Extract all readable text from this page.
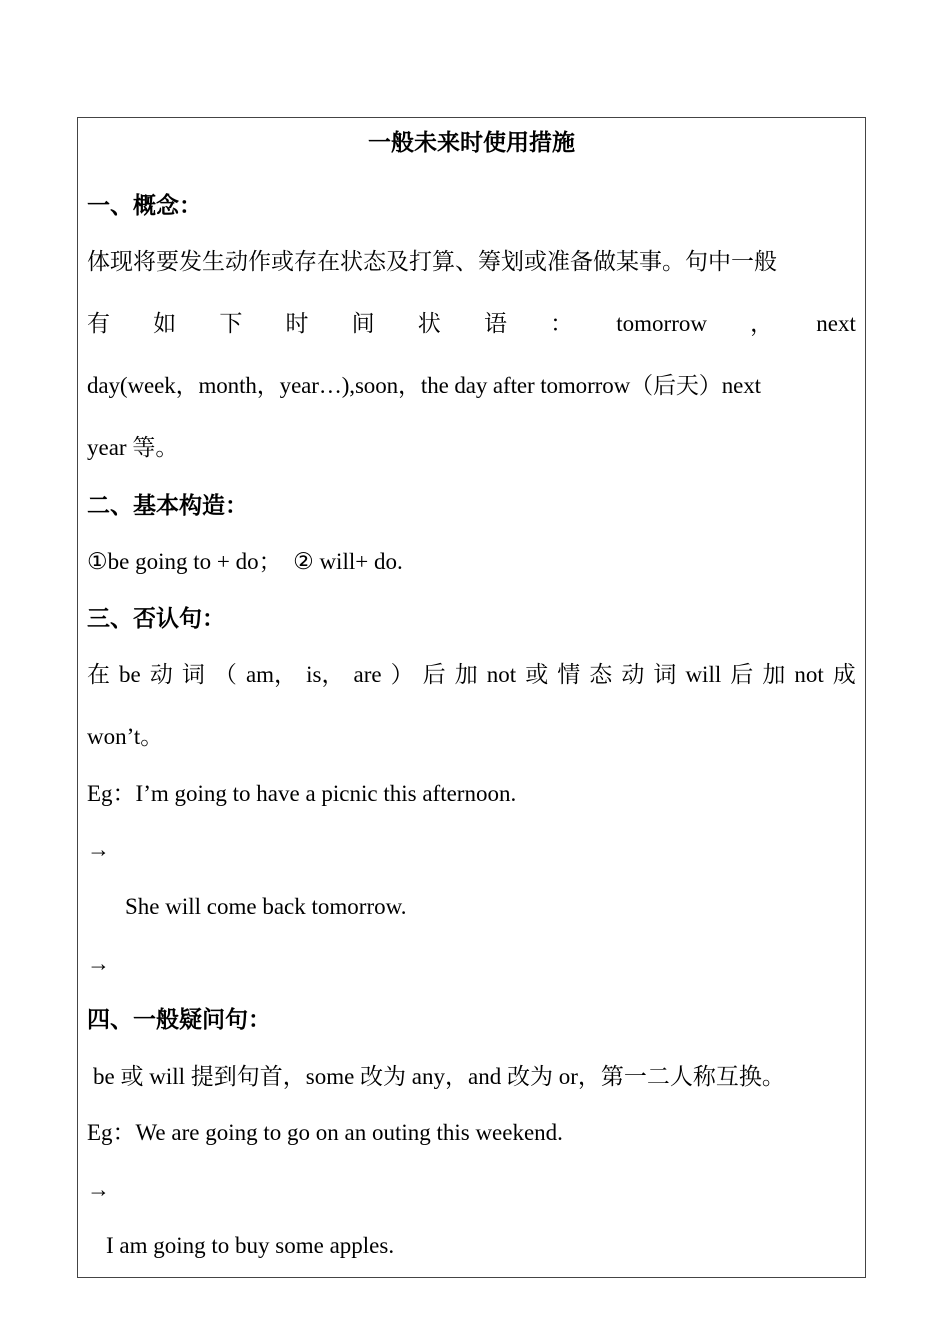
一般未来时使用措施
一、概念：
体现将要发生动作或存在状态及打算、筹划或准备做某事。句中一般
有 如 下 时 间 状 语 ： tomorrow ， next
day(week，month，year…),soon，the day after tomorrow（后天）next
year 等。
二、基本构造：
①be going to + do；  ② will+ do.
三、否认句：
在 be 动 词 （ am， is， are ） 后 加 not 或 情 态 动 词 will 后 加 not 成
won’t。
Eg：I’m going to have a picnic this afternoon.
→
She will come back tomorrow.
→
四、一般疑问句：
be 或 will 提到句首，some 改为 any，and 改为 or，第一二人称互换。
Eg：We are going to go on an outing this weekend.
→
I am going to buy some apples.
